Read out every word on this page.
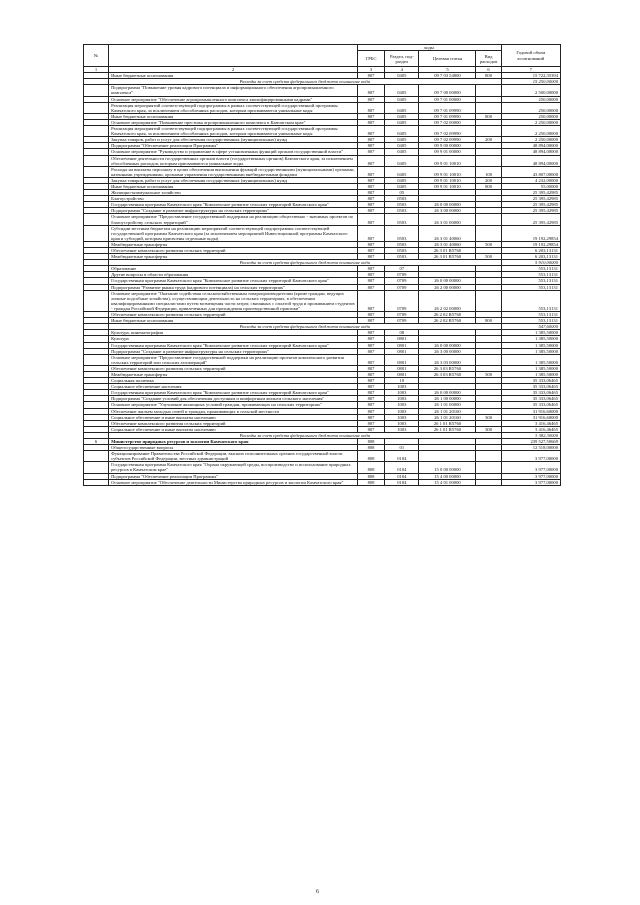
№		коды				Годовой объем ассигнований
		ГРБС	Раздел, под-раздел	Целевая статья	Вид расходов	
1	2	3	4	5	6	7
	Иные бюджетные ассигнования	807	0405	09 7 03 54800	800	15 722,35394
	Расходы за счет средств федерального бюджета погашение кода					15 250,00000
	Подпрограмма "Повышение уровня кадрового потенциала и информационного обеспечения агропромышленного комплекса"	807	0405	09 7 00 00000		2 500,00000
	Основное мероприятие "Обеспечение агропромышленного комплекса квалифицированными кадрами"	807	0405	09 7 01 00000		250,00000
	Реализация мероприятий соответствующей подпрограммы в рамках соответствующей государственной программы Камчатского края, за исключением обособленных расходов, которым присваиваются уникальные коды	807	0405	09 7 01 09990		250,00000
	Иные бюджетные ассигнования	807	0405	09 7 01 09990	800	250,00000
	Основное мероприятие "Повышение престижа агропромышленного комплекса в Камчатском крае"	807	0405	09 7 02 00000		2 250,00000
	Реализация мероприятий соответствующей подпрограммы в рамках соответствующей государственной программы Камчатского края, за исключением обособленных расходов, которым присваиваются уникальные коды	807	0405	09 7 02 09990		2 250,00000
	Закупка товаров, работ и услуг для обеспечения государственных (муниципальных) нужд	807	0405	09 7 02 09990	200	2 250,00000
	Подпрограмма "Обеспечение реализации Программы"	807	0405	09 9 00 00000		48 894,00000
	Основное мероприятие "Руководство и управление в сфере установленных функций органов государственной власти"	807	0405	09 9 01 00000		48 894,00000
	Обеспечение деятельности государственных органов власти (государственных органов) Камчатского края, за исключением обособленных расходов, которым присваиваются уникальные коды	807	0405	09 9 01 10010		48 894,00000
	Расходы на выплаты персоналу в целях обеспечения выполнения функций государственными (муниципальными) органами, казенными учреждениями, органами управления государственными внебюджетными фондами	807	0405	09 9 01 10010	100	43 807,00000
	Закупка товаров, работ и услуг для обеспечения государственных (муниципальных) нужд	807	0405	09 9 01 10010	200	4 232,00000
	Иные бюджетные ассигнования	807	0405	09 9 01 10010	800	55,00000
	Жилищно-коммунальное хозяйство	807	05			25 395,42985
	Благоустройство	807	0503			25 395,42985
	Государственная программа Камчатского края "Комплексное развитие сельских территорий Камчатского края"	807	0503	26 0 00 00000		25 395,42985
	Подпрограмма "Создание и развитие инфраструктуры на сельских территориях"	807	0503	26 3 00 00000		25 395,42985
	Основное мероприятие "Предоставление государственной поддержки на реализацию общественно - значимых проектов по благоустройству сельских территорий"	807	0503	26 3 01 00000		25 395,42985
	Субсидии местным бюджетам на реализацию мероприятий соответствующей подпрограммы соответствующей государственной программы Камчатского края (за исключением мероприятий Инвестиционной программы Камчатского края и субсидий, которым присвоены отдельные коды)	807	0503	26 3 01 40060		19 192,29854
	Межбюджетные трансферты	807	0503	26 3 01 40060	500	19 192,29854
	Обеспечение комплексного развития сельских территорий	807	0503	26 3 01 R5760		6 203,13131
	Межбюджетные трансферты	807	0503	26 3 01 R5760	500	6 203,13131
	Расходы за счет средств федерального бюджета погашение кода					5 910,00000
	Образование	807	07			553,13131
	Другие вопросы в области образования	807	0709			553,13131
	Государственная программа Камчатского края "Комплексное развитие сельских территорий Камчатского края"	807	0709	26 0 00 00000		553,13131
	Подпрограмма "Развитие рынка труда (кадрового потенциала) на сельских территориях"	807	0709	26 2 00 00000		553,13131
	Основное мероприятие "Оказание содействия сельскохозяйственным товаропроизводителям (кроме граждан, ведущих личные подсобные хозяйства), осуществляющим деятельность на сельских территориях, в обеспечении квалифицированными специалистами путем возмещения части затрат, связанных с оплатой труда и проживанием студентов - граждан Российской Федерации, привлеченных для прохождения производственной практики"	807	0709	26 2 02 00000		553,13131
	Обеспечение комплексного развития сельских территорий	807	0709	26 2 02 R5760		553,13131
	Иные бюджетные ассигнования	807	0709	26 2 02 R5760	800	553,13131
	Расходы за счет средств федерального бюджета погашение кода					547,60000
	Культура, кинематография	807	08			1 385,50000
	Культура	807	0801			1 385,50000
	Государственная программа Камчатского края "Комплексное развитие сельских территорий Камчатского края"	807	0801	26 0 00 00000		1 385,50000
	Подпрограмма "Создание и развитие инфраструктуры на сельских территориях"	807	0801	26 3 00 00000		1 385,50000
	Основное мероприятие "Предоставление государственной поддержки на реализацию проектов комплексного развития сельских территорий или сельских агломераций"	807	0801	26 3 03 00000		1 385,50000
	Обеспечение комплексного развития сельских территорий	807	0801	26 3 03 R5760		1 385,50000
	Межбюджетные трансферты	807	0801	26 3 03 R5760	500	1 385,50000
	Социальная политика	807	10			35 333,06465
	Социальное обеспечение населения	807	1003			35 333,06465
	Государственная программа Камчатского края "Комплексное развитие сельских территорий Камчатского края"	807	1003	26 0 00 00000		35 333,06465
	Подпрограмма "Создание условий для обеспечения доступным и комфортным жильем сельского населения"	807	1003	26 1 00 00000		35 333,06465
	Основное мероприятие "Улучшение жилищных условий граждан, проживающих на сельских территориях"	807	1003	26 1 01 00000		35 333,06465
	Обеспечение жильем молодых семей и граждан, проживающих в сельской местности	807	1003	26 1 01 20160		31 916,60000
	Социальное обеспечение и иные выплаты населению	807	1003	26 1 01 20160	300	31 916,60000
	Обеспечение комплексного развития сельских территорий	807	1003	26 1 01 R5760		3 416,46465
	Социальное обеспечение и иные выплаты населению	807	1003	26 1 01 R5760	300	3 416,46465
	Расходы за счет средств федерального бюджета погашение кода					3 382,30000
6	Министерство природных ресурсов и экологии Камчатского края	808				239 527,50669
	Общегосударственные вопросы	808	01			12 518,00000
	Функционирование Правительства Российской Федерации, высших исполнительных органов государственной власти субъектов Российской Федерации, местных администраций	808	0104			3 977,00000
	Государственная программа Камчатского края "Охрана окружающей среды, воспроизводство и использование природных ресурсов в Камчатском крае"	808	0104	15 0 00 00000		3 977,00000
	Подпрограмма "Обеспечение реализации Программы"	808	0104	15 4 00 00000		3 977,00000
	Основное мероприятие "Обеспечение деятельности Министерства природных ресурсов и экологии Камчатского края"	808	0104	15 4 01 00000		3 977,00000
6
